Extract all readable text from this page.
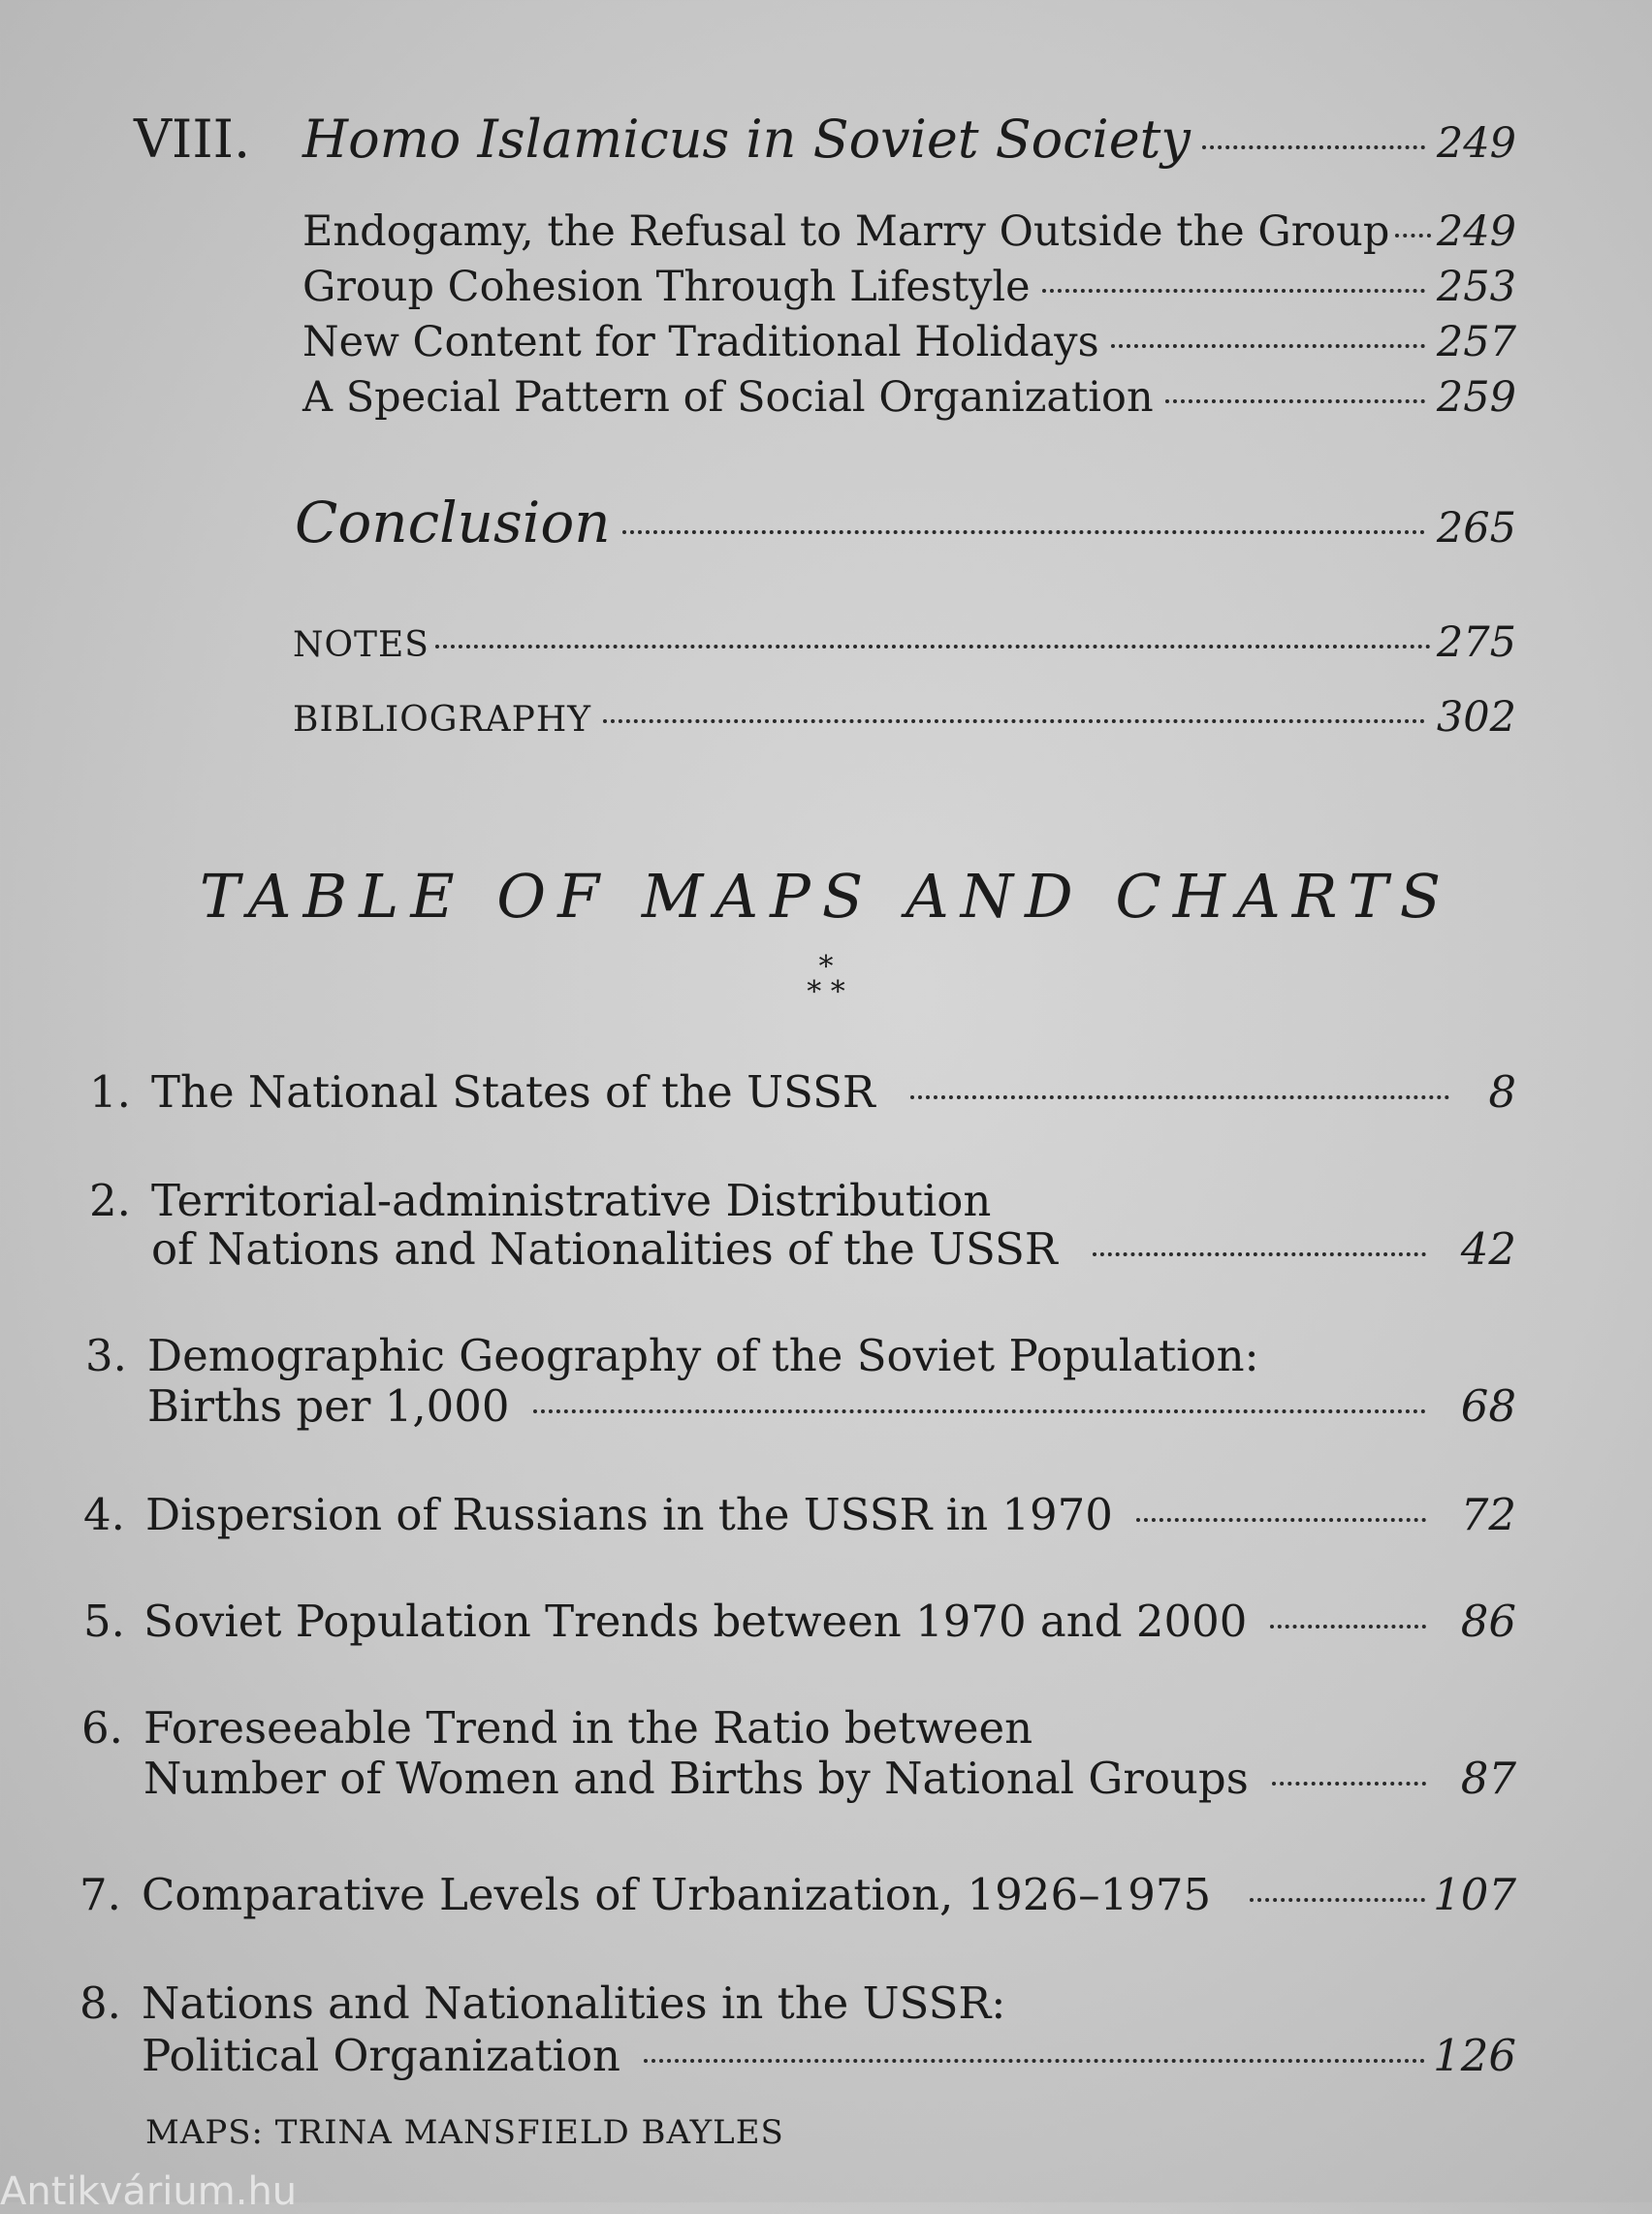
VIII. Homo Islamicus in Soviet Society	249
Endogamy, the Refusal to Marry Outside the Group 249
Group Cohesion Through Lifestyle	253
New Content for Traditional Holidays	257
A Special Pattern of Social Organization	259
Conclusion	265
NOTES	275
BIBLIOGRAPHY	302
TABLE OF MAPS AND CHARTS
*
* *
1. The National States of the USSR	8
2. Territorial-administrative Distribution
of Nations and Nationalities of the USSR	42
3. Demographic Geography of the Soviet Population:
Births per 1,000	68
4. Dispersion of Russians in the USSR in 1970	72
5. Soviet Population Trends between 1970 and 2000	86
6. Foreseeable Trend in the Ratio between
Number of Women and Births by National Groups	87
7. Comparative Levels of Urbanization, 1926–1975	107
8. Nations and Nationalities in the USSR:
Political Organization	126
MAPS: TRINA MANSFIELD BAYLES
Antikvárium.hu
